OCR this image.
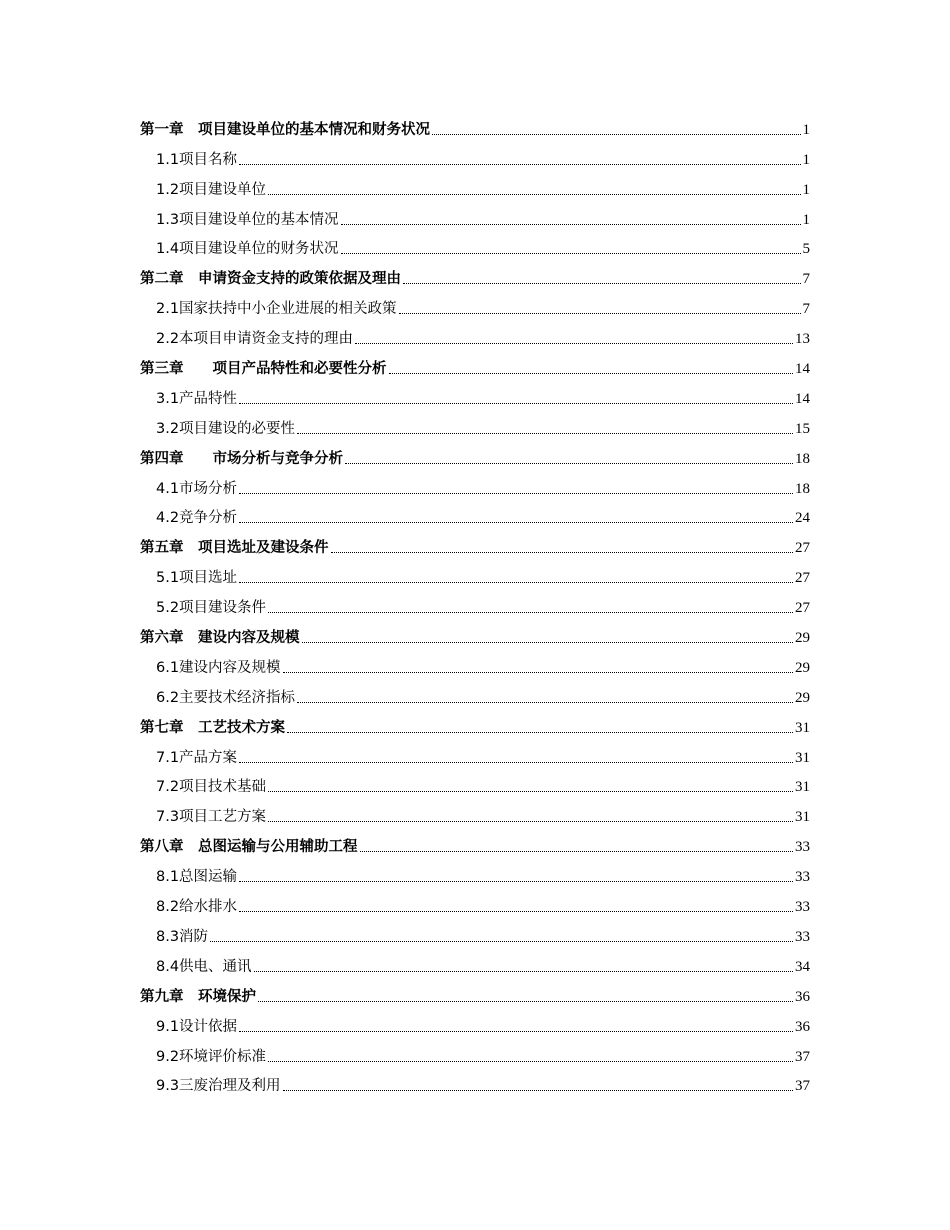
第一章　项目建设单位的基本情况和财务状况	1
1.1项目名称	1
1.2项目建设单位	1
1.3项目建设单位的基本情况	1
1.4项目建设单位的财务状况	5
第二章　申请资金支持的政策依据及理由	7
2.1国家扶持中小企业进展的相关政策	7
2.2本项目申请资金支持的理由	13
第三章　　项目产品特性和必要性分析	14
3.1产品特性	14
3.2项目建设的必要性	15
第四章　　市场分析与竞争分析	18
4.1市场分析	18
4.2竞争分析	24
第五章　项目选址及建设条件	27
5.1项目选址	27
5.2项目建设条件	27
第六章　建设内容及规模	29
6.1建设内容及规模	29
6.2主要技术经济指标	29
第七章　工艺技术方案	31
7.1产品方案	31
7.2项目技术基础	31
7.3项目工艺方案	31
第八章　总图运输与公用辅助工程	33
8.1总图运输	33
8.2给水排水	33
8.3消防	33
8.4供电、通讯	34
第九章　环境保护	36
9.1设计依据	36
9.2环境评价标准	37
9.3三废治理及利用	37
